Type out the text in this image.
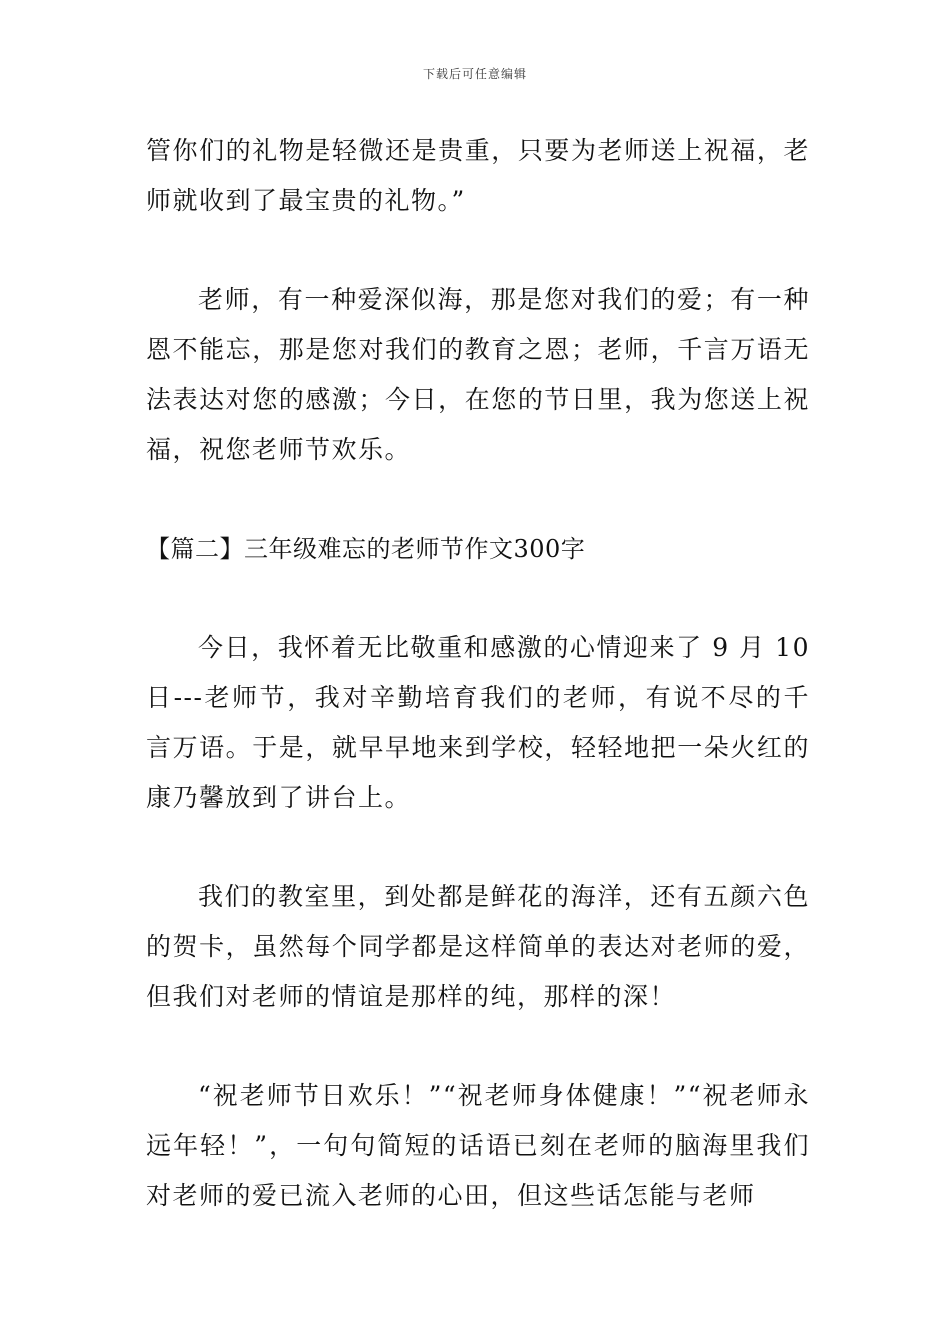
下载后可任意编辑

管你们的礼物是轻微还是贵重，只要为老师送上祝福，老师就收到了最宝贵的礼物。”

老师，有一种爱深似海，那是您对我们的爱；有一种恩不能忘，那是您对我们的教育之恩；老师，千言万语无法表达对您的感激；今日，在您的节日里，我为您送上祝福，祝您老师节欢乐。

【篇二】三年级难忘的老师节作文300字

今日，我怀着无比敬重和感激的心情迎来了 9 月 10 日---老师节，我对辛勤培育我们的老师，有说不尽的千言万语。于是，就早早地来到学校，轻轻地把一朵火红的康乃馨放到了讲台上。

我们的教室里，到处都是鲜花的海洋，还有五颜六色的贺卡，虽然每个同学都是这样简单的表达对老师的爱，但我们对老师的情谊是那样的纯，那样的深！

“祝老师节日欢乐！”“祝老师身体健康！”“祝老师永远年轻！”，一句句简短的话语已刻在老师的脑海里我们对老师的爱已流入老师的心田，但这些话怎能与老师
